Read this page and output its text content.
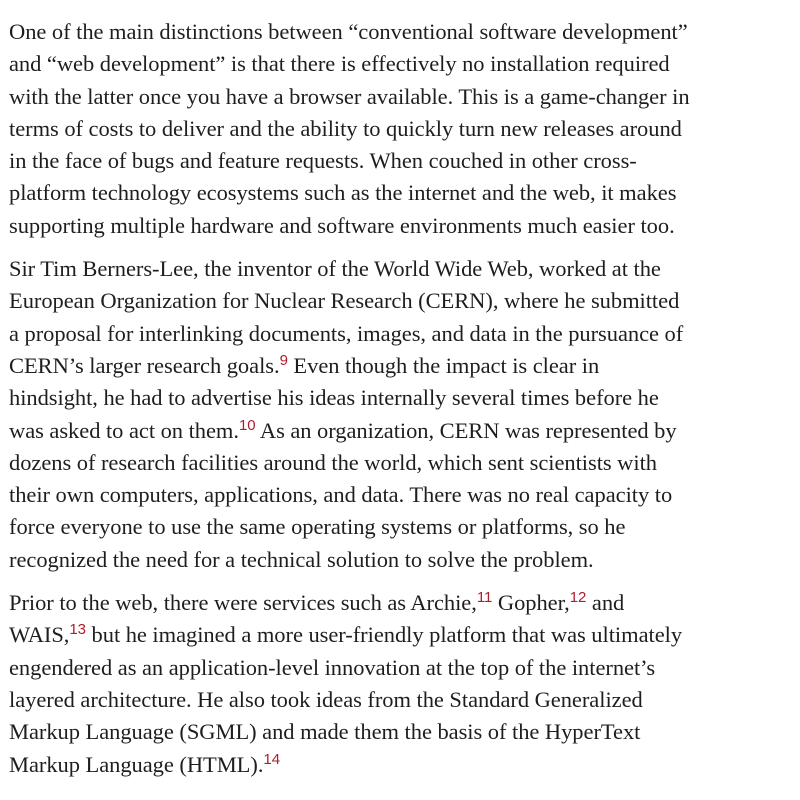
One of the main distinctions between “conventional software development”
and “web development” is that there is effectively no installation required
with the latter once you have a browser available. This is a game-changer in
terms of costs to deliver and the ability to quickly turn new releases around
in the face of bugs and feature requests. When couched in other cross-
platform technology ecosystems such as the internet and the web, it makes
supporting multiple hardware and software environments much easier too.

Sir Tim Berners-Lee, the inventor of the World Wide Web, worked at the
European Organization for Nuclear Research (CERN), where he submitted
a proposal for interlinking documents, images, and data in the pursuance of
CERN’s larger research goals.$^9$ Even though the impact is clear in
hindsight, he had to advertise his ideas internally several times before he
was asked to act on them.$^{10}$ As an organization, CERN was represented by
dozens of research facilities around the world, which sent scientists with
their own computers, applications, and data. There was no real capacity to
force everyone to use the same operating systems or platforms, so he
recognized the need for a technical solution to solve the problem.

Prior to the web, there were services such as Archie,$^{11}$ Gopher,$^{12}$ and
WAIS,$^{13}$ but he imagined a more user-friendly platform that was ultimately
engendered as an application-level innovation at the top of the internet’s
layered architecture. He also took ideas from the Standard Generalized
Markup Language (SGML) and made them the basis of the HyperText
Markup Language (HTML).$^{14}$
